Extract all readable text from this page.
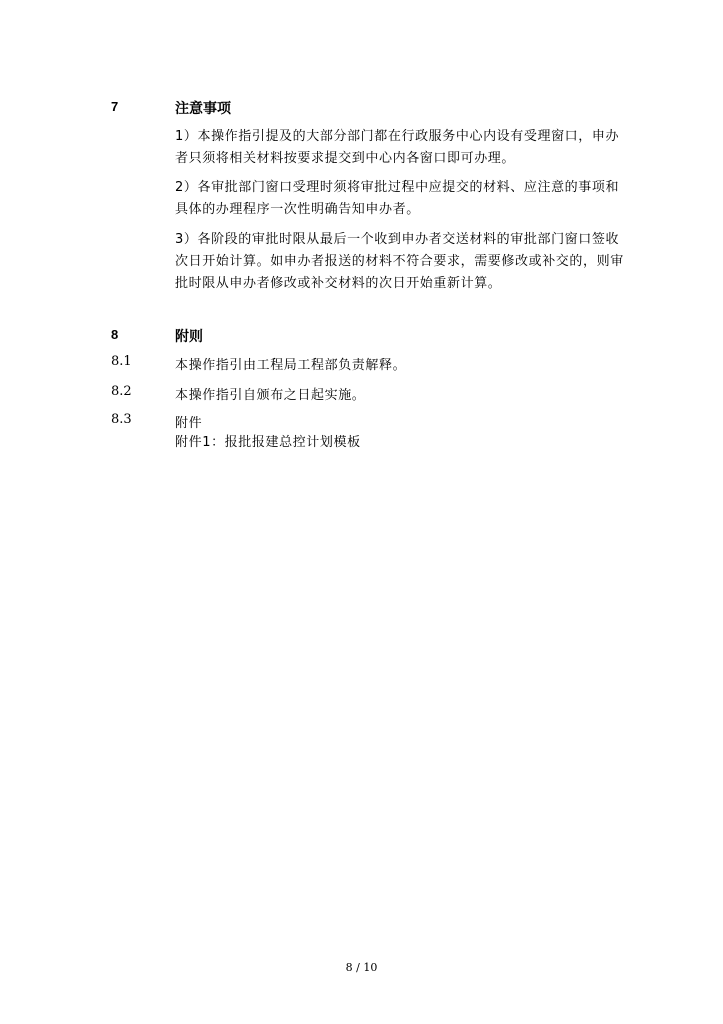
7	注意事项
1）本操作指引提及的大部分部门都在行政服务中心内设有受理窗口，申办者只须将相关材料按要求提交到中心内各窗口即可办理。
2）各审批部门窗口受理时须将审批过程中应提交的材料、应注意的事项和具体的办理程序一次性明确告知申办者。
3）各阶段的审批时限从最后一个收到申办者交送材料的审批部门窗口签收次日开始计算。如申办者报送的材料不符合要求，需要修改或补交的，则审批时限从申办者修改或补交材料的次日开始重新计算。
8	附则
8.1	本操作指引由工程局工程部负责解释。
8.2	本操作指引自颁布之日起实施。
8.3	附件
附件1：报批报建总控计划模板
8 / 10
